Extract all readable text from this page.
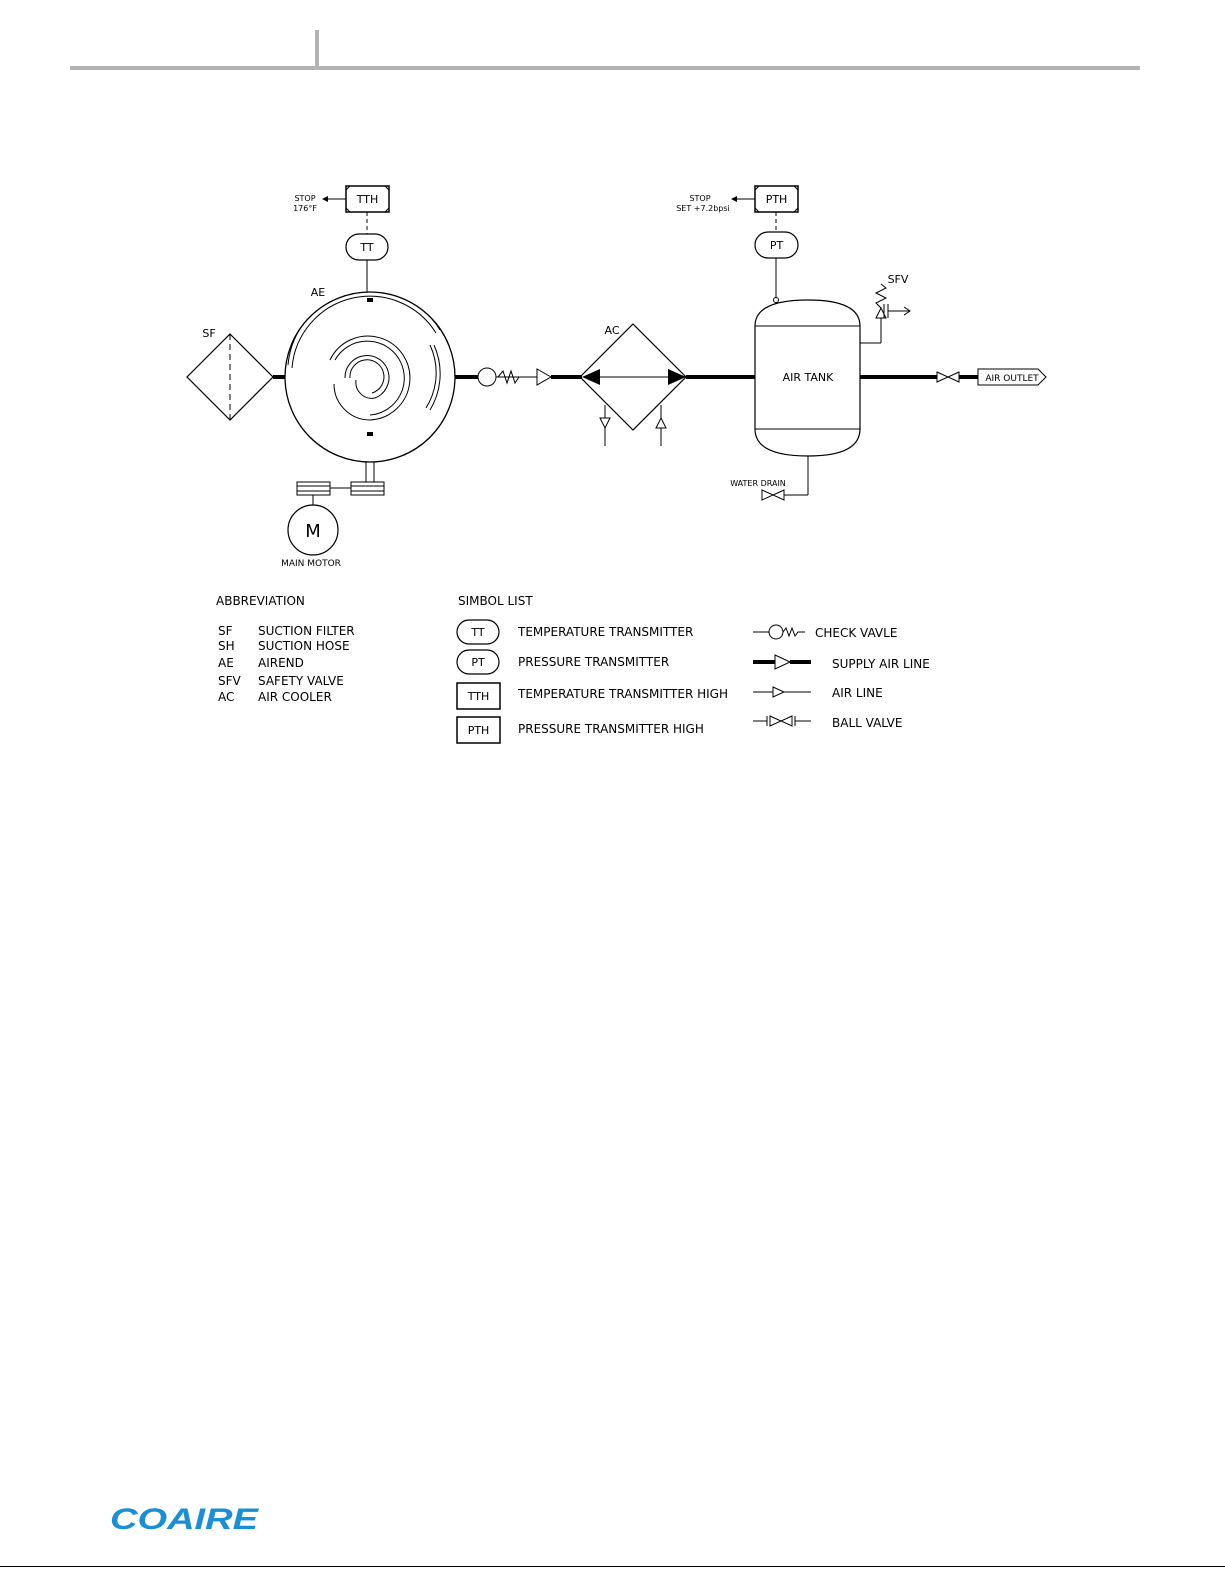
TTH
STOP
176°F
TT
PTH
STOP
SET +7.2bpsi
PT
SF
AE
M
MAIN MOTOR
AC
AIR TANK
WATER DRAIN
SFV
AIR OUTLET
ABBREVIATION
SF SUCTION FILTER
SH SUCTION HOSE
AE AIREND
SFV SAFETY VALVE
AC AIR COOLER
SIMBOL LIST
TT	TEMPERATURE TRANSMITTER
PT	PRESSURE TRANSMITTER
TTH TEMPERATURE TRANSMITTER HIGH
PTH PRESSURE TRANSMITTER HIGH
CHECK VAVLE
SUPPLY AIR LINE
AIR LINE
BALL VALVE
COAIRE
